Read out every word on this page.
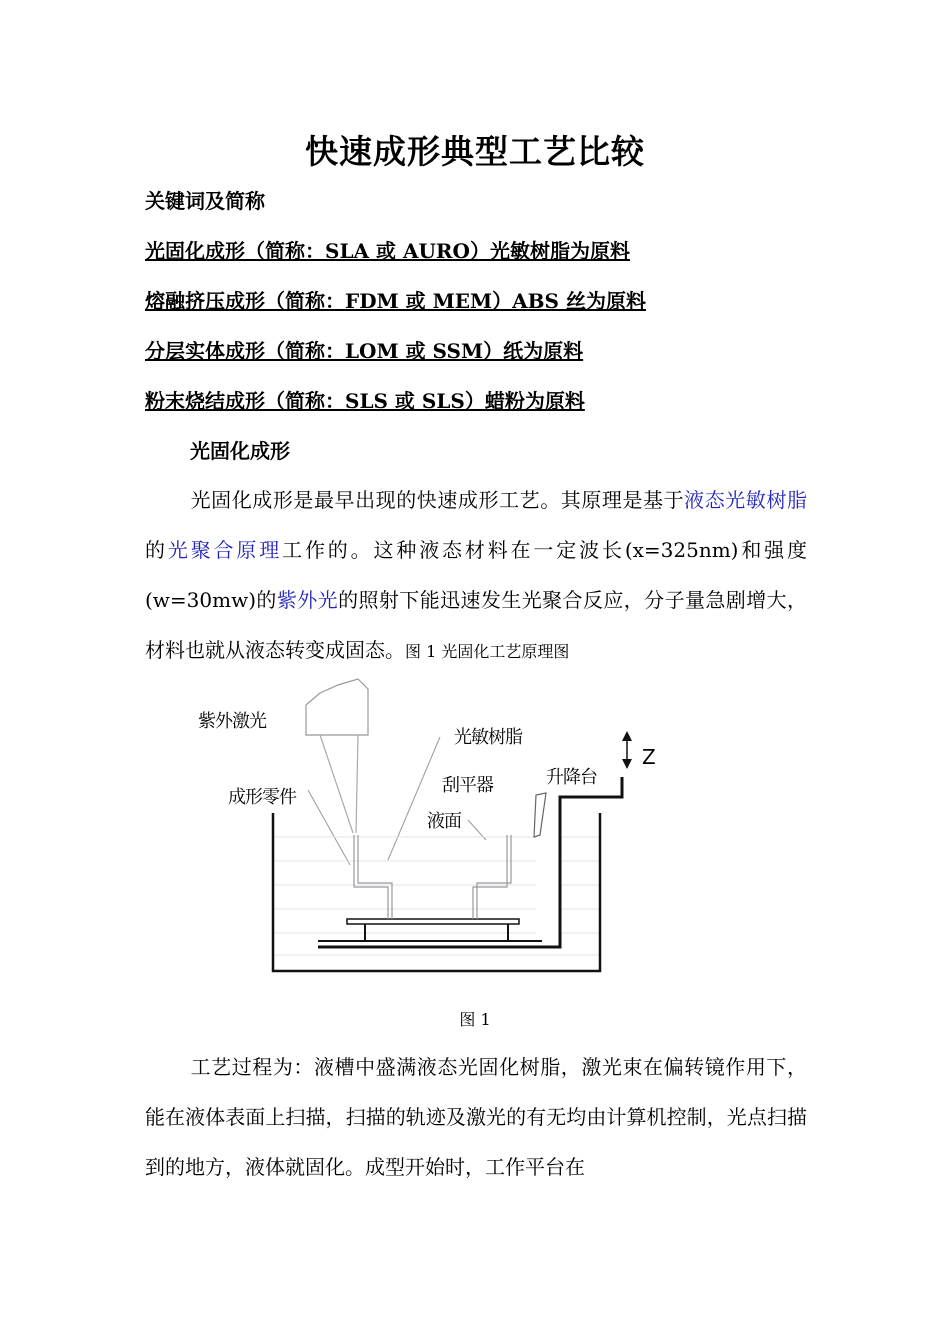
快速成形典型工艺比较

关键词及简称

光固化成形（简称：SLA 或 AURO）光敏树脂为原料

熔融挤压成形（简称：FDM 或 MEM）ABS 丝为原料

分层实体成形（简称：LOM 或 SSM）纸为原料

粉末烧结成形（简称：SLS 或 SLS）蜡粉为原料

光固化成形

光固化成形是最早出现的快速成形工艺。其原理是基于液态光敏树脂的光聚合原理工作的。这种液态材料在一定波长(x=325nm)和强度(w=30mw)的紫外光的照射下能迅速发生光聚合反应，分子量急剧增大，材料也就从液态转变成固态。图 1 光固化工艺原理图

紫外激光
光敏树脂
成形零件
刮平器	升降台
液面
Z

图 1

工艺过程为：液槽中盛满液态光固化树脂，激光束在偏转镜作用下，能在液体表面上扫描，扫描的轨迹及激光的有无均由计算机控制，光点扫描到的地方，液体就固化。成型开始时，工作平台在
